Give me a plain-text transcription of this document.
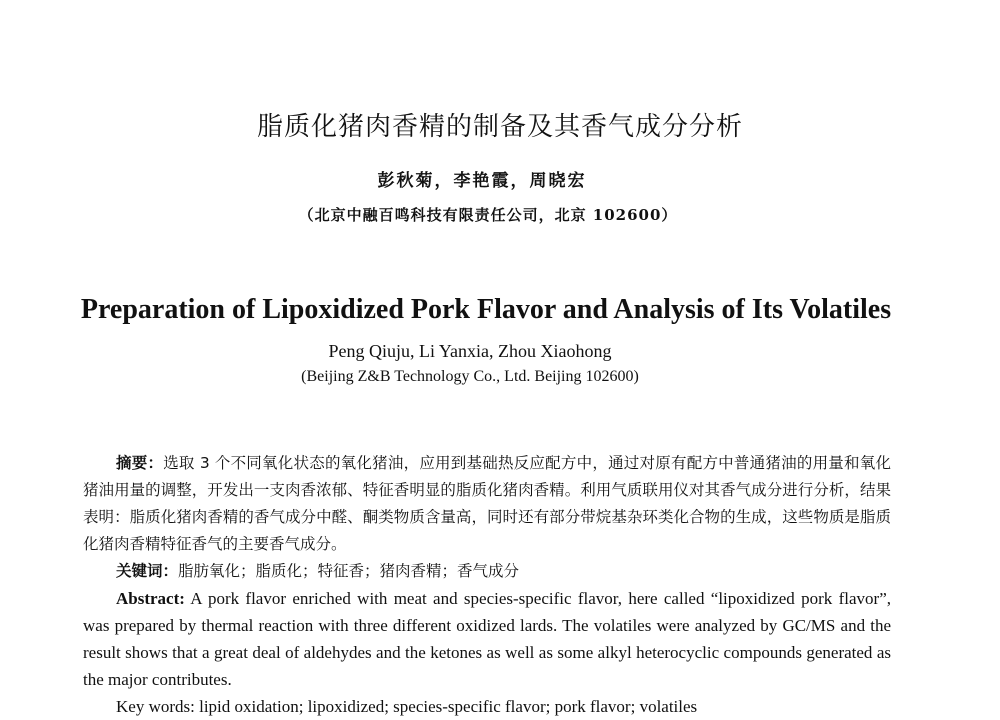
脂质化猪肉香精的制备及其香气成分分析
彭秋菊，李艳霞，周晓宏
（北京中融百鸣科技有限责任公司，北京 102600）
Preparation of Lipoxidized Pork Flavor and Analysis of Its Volatiles
Peng Qiuju, Li Yanxia, Zhou Xiaohong
(Beijing Z&B Technology Co., Ltd. Beijing 102600)
摘要：选取 3 个不同氧化状态的氧化猪油，应用到基础热反应配方中，通过对原有配方中普通猪油的用量和氧化猪油用量的调整，开发出一支肉香浓郁、特征香明显的脂质化猪肉香精。利用气质联用仪对其香气成分进行分析，结果表明：脂质化猪肉香精的香气成分中醛、酮类物质含量高，同时还有部分带烷基杂环类化合物的生成，这些物质是脂质化猪肉香精特征香气的主要香气成分。
关键词：脂肪氧化；脂质化；特征香；猪肉香精；香气成分
Abstract: A pork flavor enriched with meat and species-specific flavor, here called “lipoxidized pork flavor”, was prepared by thermal reaction with three different oxidized lards. The volatiles were analyzed by GC/MS and the result shows that a great deal of aldehydes and the ketones as well as some alkyl heterocyclic compounds generated as the major contributes.
Key words: lipid oxidation; lipoxidized; species-specific flavor; pork flavor; volatiles
